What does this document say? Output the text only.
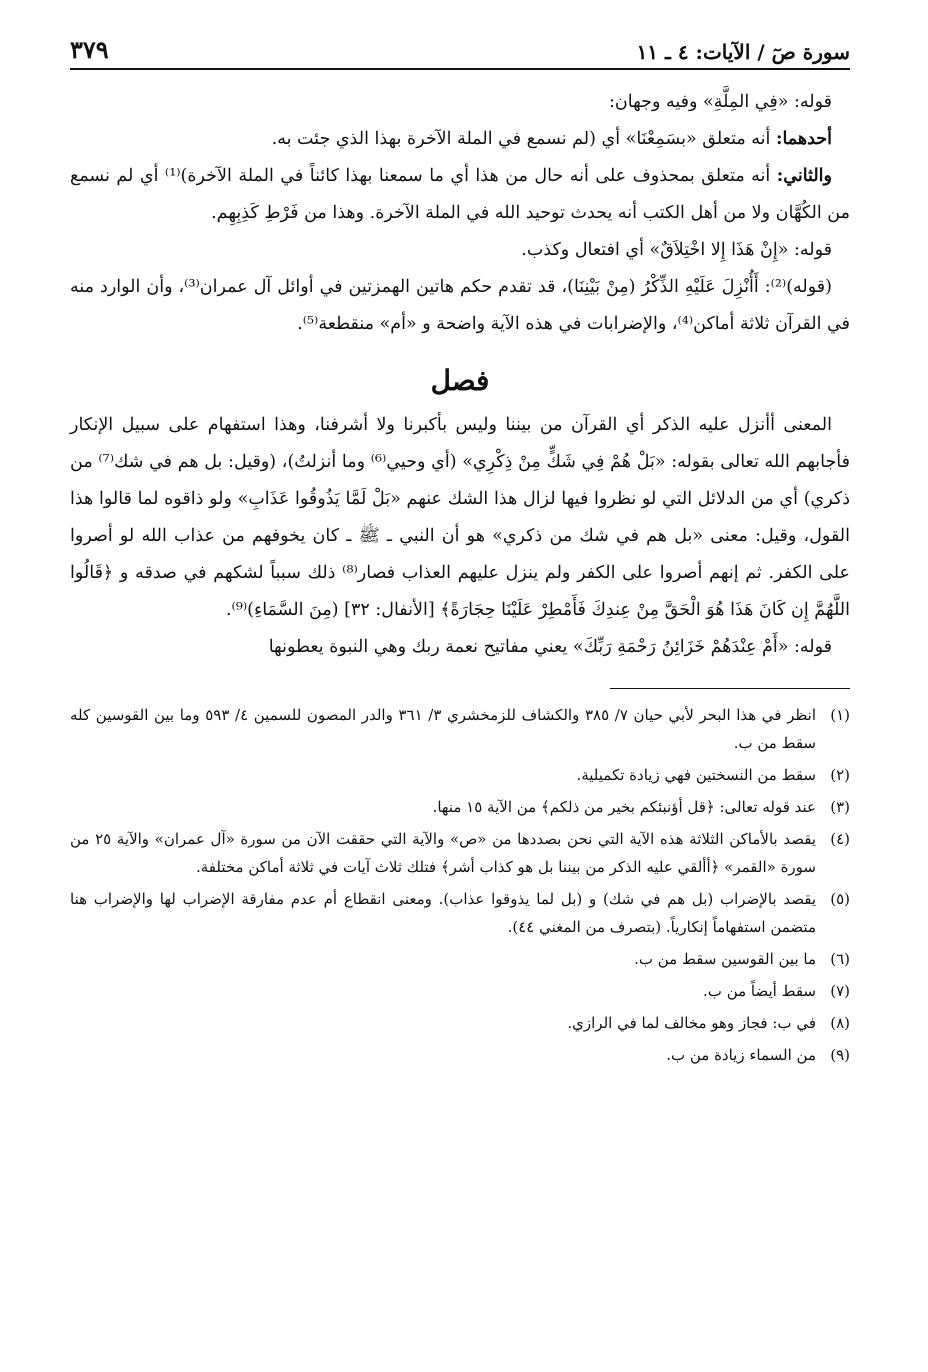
سورة صٓ / الآيات: ٤ ـ ١١
٣٧٩

قوله: «فِي المِلَّةِ» وفيه وجهان:

أحدهما: أنه متعلق «بسَمِعْنَا» أي (لم نسمع في الملة الآخرة بهذا الذي جئت به.

والثاني: أنه متعلق بمحذوف على أنه حال من هذا أي ما سمعنا بهذا كائناً في الملة الآخرة)⁽¹⁾ أي لم نسمع من الكُهَّان ولا من أهل الكتب أنه يحدث توحيد الله في الملة الآخرة. وهذا من فَرْطِ كَذِبِهِم.

قوله: «إِنْ هَذَا إِلا اخْتِلاَقٌ» أي افتعال وكذب.

(قوله)⁽²⁾: أَأُنْزِلَ عَلَيْهِ الذِّكْرُ (مِنْ بَيْنِنَا)، قد تقدم حكم هاتين الهمزتين في أوائل آل عمران⁽³⁾، وأن الوارد منه في القرآن ثلاثة أماكن⁽⁴⁾، والإضرابات في هذه الآية واضحة و «أم» منقطعة⁽⁵⁾.

فصل

المعنى أأنزل عليه الذكر أي القرآن من بيننا وليس بأكبرنا ولا أشرفنا، وهذا استفهام على سبيل الإنكار فأجابهم الله تعالى بقوله: «بَلْ هُمْ فِي شَكٍّ مِنْ ذِكْرِي» (أي وحيي⁽⁶⁾ وما أنزلتُ)، (وقيل: بل هم في شك⁽⁷⁾ من ذكري) أي من الدلائل التي لو نظروا فيها لزال هذا الشك عنهم «بَلْ لَمَّا يَذُوقُوا عَذَابِ» ولو ذاقوه لما قالوا هذا القول، وقيل: معنى «بل هم في شك من ذكري» هو أن النبي ـ ﷺ ـ كان يخوفهم من عذاب الله لو أصروا على الكفر. ثم إنهم أصروا على الكفر ولم ينزل عليهم العذاب فصار⁽⁸⁾ ذلك سبباً لشكهم في صدقه و ﴿قَالُوا اللَّهُمَّ إِن كَانَ هَذَا هُوَ الْحَقَّ مِنْ عِندِكَ فَأَمْطِرْ عَلَيْنَا حِجَارَةً﴾ [الأنفال: ٣٢] (مِنَ السَّمَاءِ)⁽⁹⁾.

قوله: «أَمْ عِنْدَهُمْ خَزَائِنُ رَحْمَةِ رَبِّكَ» يعني مفاتيح نعمة ربك وهي النبوة يعطونها

(١)
انظر في هذا البحر لأبي حيان ٧/ ٣٨٥ والكشاف للزمخشري ٣/ ٣٦١ والدر المصون للسمين ٤/ ٥٩٣ وما بين القوسين كله سقط من ب.
(٢)
سقط من النسختين فهي زيادة تكميلية.
(٣)
عند قوله تعالى: ﴿قل أؤنبئكم بخير من ذلكم﴾ من الآية ١٥ منها.
(٤)
يقصد بالأماكن الثلاثة هذه الآية التي نحن بصددها من «ص» والآية التي حققت الآن من سورة «آل عمران» والآية ٢٥ من سورة «القمر» ﴿أألقي عليه الذكر من بيننا بل هو كذاب أشر﴾ فتلك ثلاث آيات في ثلاثة أماكن مختلفة.
(٥)
يقصد بالإضراب (بل هم في شك) و (بل لما يذوقوا عذاب). ومعنى انقطاع أم عدم مفارقة الإضراب لها والإضراب هنا متضمن استفهاماً إنكارياً. (بتصرف من المغني ٤٤).
(٦)
ما بين القوسين سقط من ب.
(٧)
سقط أيضاً من ب.
(٨)
في ب: فجاز وهو مخالف لما في الرازي.
(٩)
من السماء زيادة من ب.
